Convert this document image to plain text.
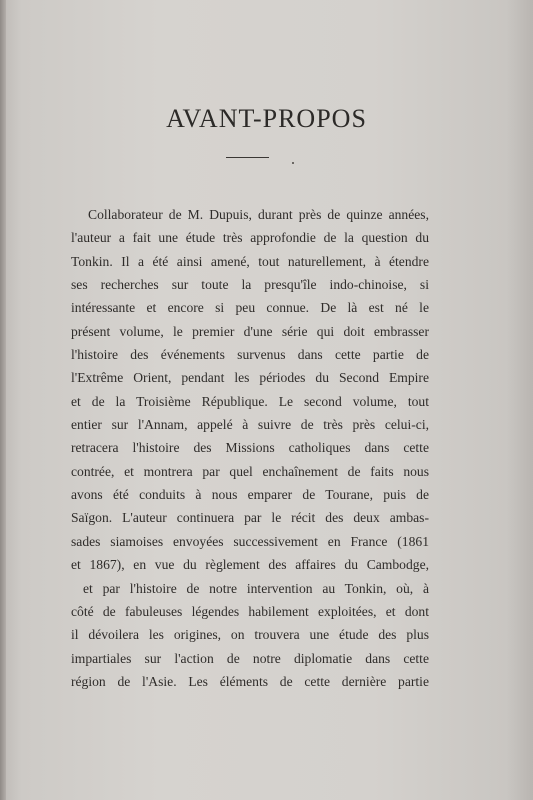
AVANT-PROPOS
Collaborateur de M. Dupuis, durant près de quinze années,
l'auteur a fait une étude très approfondie de la question du
Tonkin. Il a été ainsi amené, tout naturellement, à étendre
ses recherches sur toute la presqu'île indo-chinoise, si
intéressante et encore si peu connue. De là est né le
présent volume, le premier d'une série qui doit embrasser
l'histoire des événements survenus dans cette partie de
l'Extrême Orient, pendant les périodes du Second Empire
et de la Troisième République. Le second volume, tout
entier sur l'Annam, appelé à suivre de très près celui-ci,
retracera l'histoire des Missions catholiques dans cette
contrée, et montrera par quel enchaînement de faits nous
avons été conduits à nous emparer de Tourane, puis de
Saïgon. L'auteur continuera par le récit des deux ambas-
sades siamoises envoyées successivement en France (1861
et 1867), en vue du règlement des affaires du Cambodge,
et par l'histoire de notre intervention au Tonkin, où, à
côté de fabuleuses légendes habilement exploitées, et dont
il dévoilera les origines, on trouvera une étude des plus
impartiales sur l'action de notre diplomatie dans cette
région de l'Asie. Les éléments de cette dernière partie
